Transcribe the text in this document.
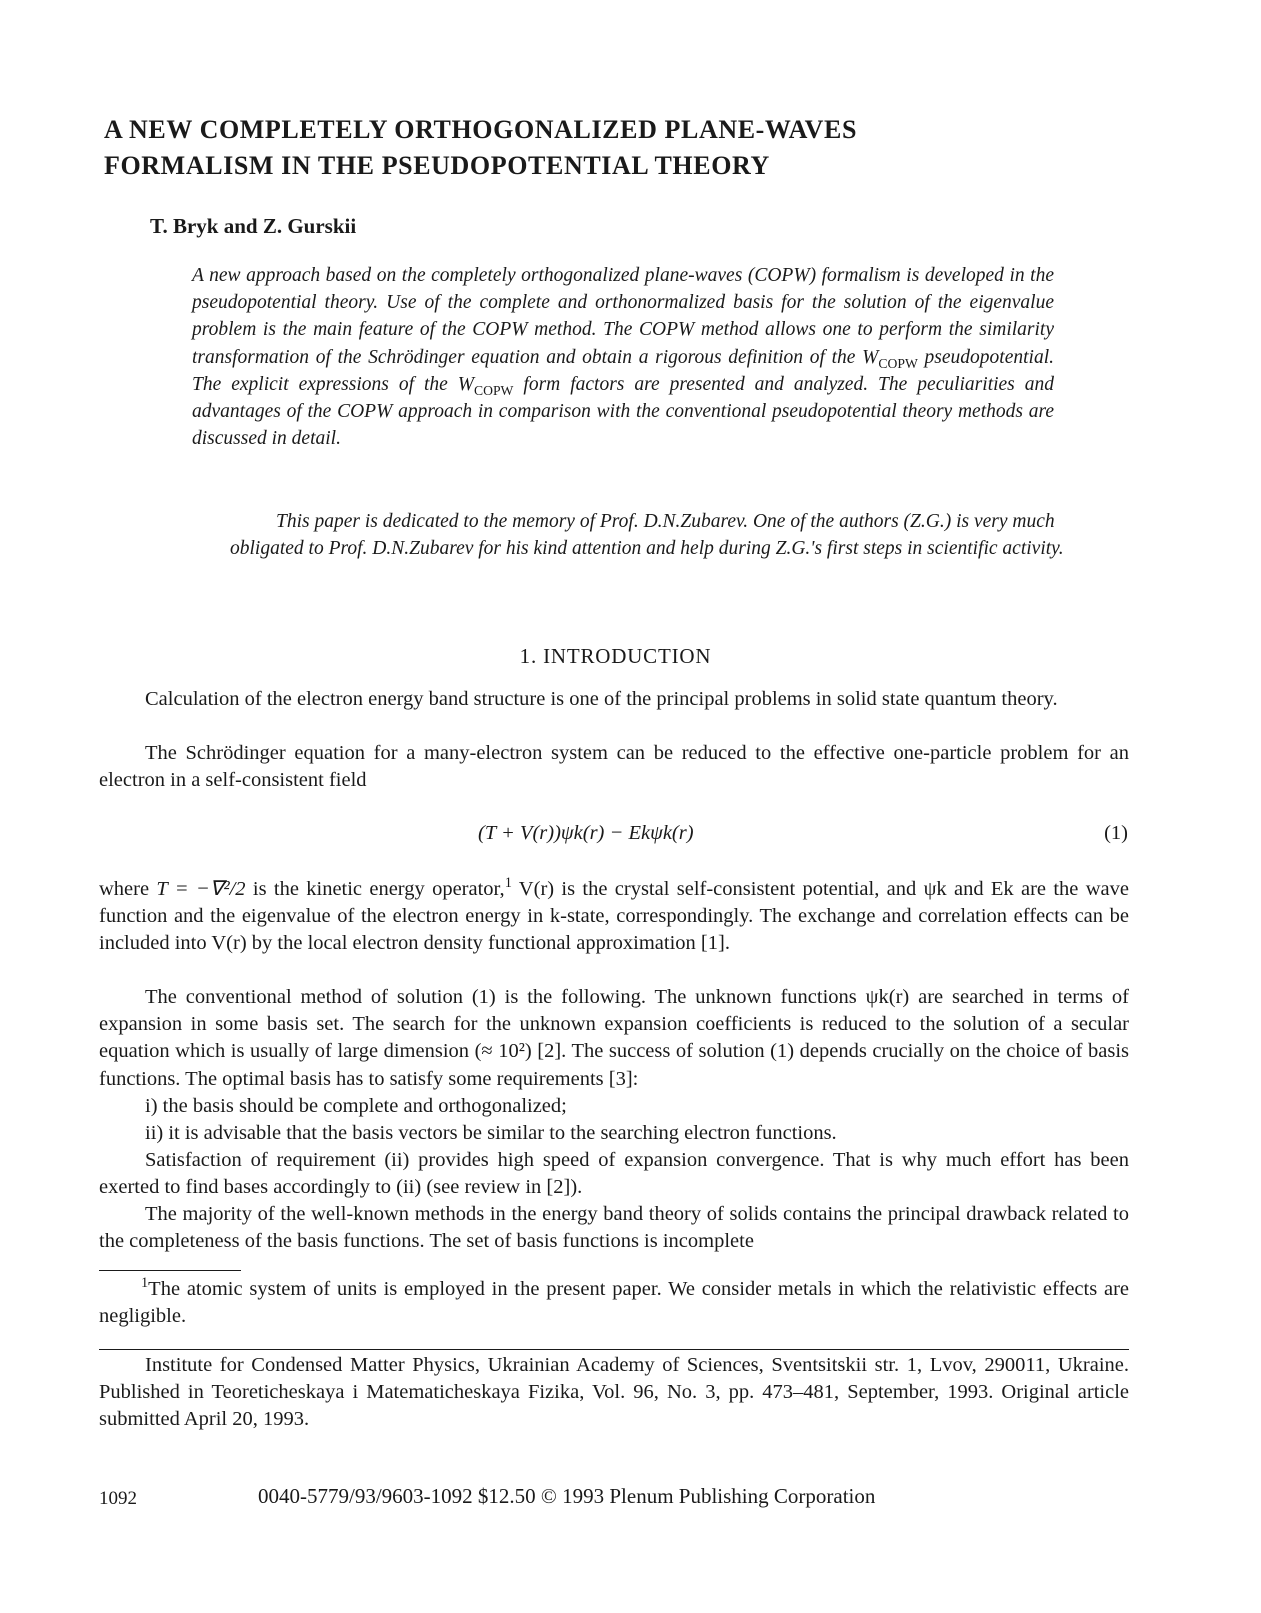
A NEW COMPLETELY ORTHOGONALIZED PLANE-WAVES
FORMALISM IN THE PSEUDOPOTENTIAL THEORY
T. Bryk and Z. Gurskii

A new approach based on the completely orthogonalized plane-waves (COPW) formalism is developed in the pseudopotential theory. Use of the complete and orthonormalized basis for the solution of the eigenvalue problem is the main feature of the COPW method. The COPW method allows one to perform the similarity transformation of the Schrödinger equation and obtain a rigorous definition of the $W_{COPW}$ pseudopotential. The explicit expressions of the $W_{COPW}$ form factors are presented and analyzed. The peculiarities and advantages of the COPW approach in comparison with the conventional pseudopotential theory methods are discussed in detail.

This paper is dedicated to the memory of Prof. D.N.Zubarev. One of the authors (Z.G.) is very much obligated to Prof. D.N.Zubarev for his kind attention and help during Z.G.'s first steps in scientific activity.

1. INTRODUCTION

Calculation of the electron energy band structure is one of the principal problems in solid state quantum theory.

The Schrödinger equation for a many-electron system can be reduced to the effective one-particle problem for an electron in a self-consistent field

(T + V(r))ψk(r) − Ekψk(r)	(1)

where T = −∇²/2 is the kinetic energy operator,$^1$ V(r) is the crystal self-consistent potential, and ψk and Ek are the wave function and the eigenvalue of the electron energy in k-state, correspondingly. The exchange and correlation effects can be included into V(r) by the local electron density functional approximation [1].

The conventional method of solution (1) is the following. The unknown functions ψk(r) are searched in terms of expansion in some basis set. The search for the unknown expansion coefficients is reduced to the solution of a secular equation which is usually of large dimension (≈ 10²) [2]. The success of solution (1) depends crucially on the choice of basis functions. The optimal basis has to satisfy some requirements [3]:

i) the basis should be complete and orthogonalized;

ii) it is advisable that the basis vectors be similar to the searching electron functions.

Satisfaction of requirement (ii) provides high speed of expansion convergence. That is why much effort has been exerted to find bases accordingly to (ii) (see review in [2]).

The majority of the well-known methods in the energy band theory of solids contains the principal drawback related to the completeness of the basis functions. The set of basis functions is incomplete

$^1$The atomic system of units is employed in the present paper. We consider metals in which the relativistic effects are negligible.

Institute for Condensed Matter Physics, Ukrainian Academy of Sciences, Sventsitskii str. 1, Lvov, 290011, Ukraine. Published in Teoreticheskaya i Matematicheskaya Fizika, Vol. 96, No. 3, pp. 473–481, September, 1993. Original article submitted April 20, 1993.

1092	0040-5779/93/9603-1092 $12.50 © 1993 Plenum Publishing Corporation
